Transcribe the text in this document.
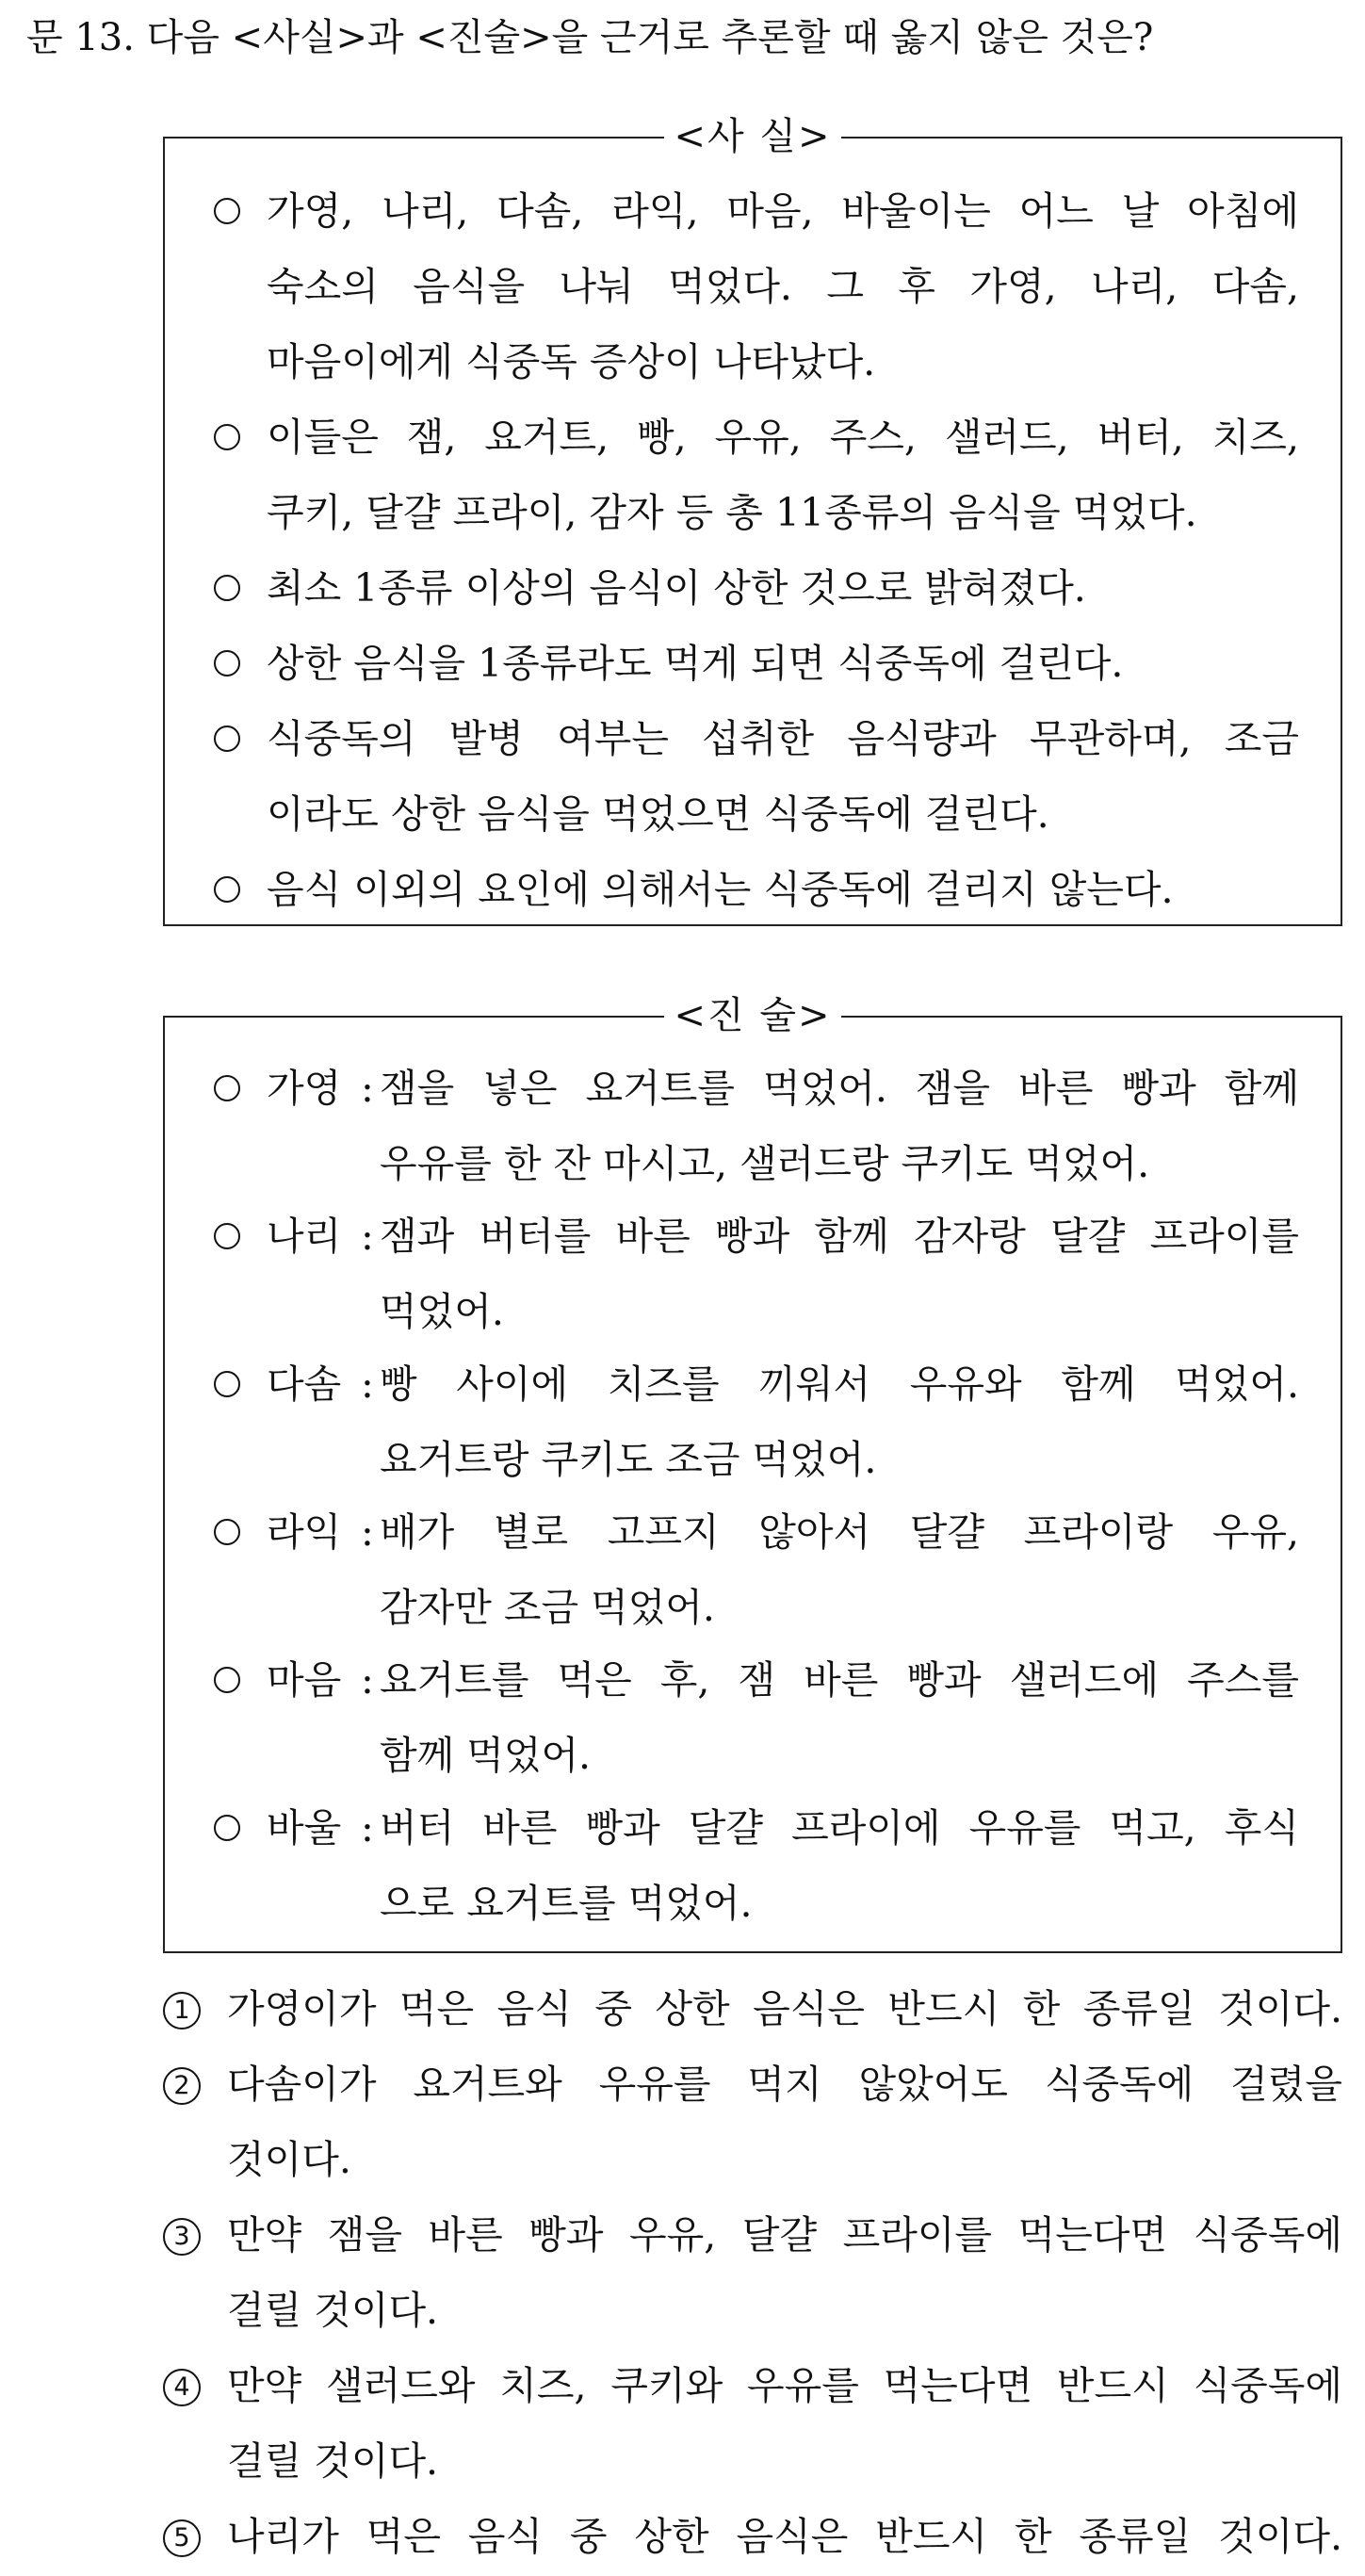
문 13. 다음 <사실>과 <진술>을 근거로 추론할 때 옳지 않은 것은?
<사 실>
가영, 나리, 다솜, 라익, 마음, 바울이는 어느 날 아침에
숙소의 음식을 나눠 먹었다. 그 후 가영, 나리, 다솜,
마음이에게 식중독 증상이 나타났다.
이들은 잼, 요거트, 빵, 우유, 주스, 샐러드, 버터, 치즈,
쿠키, 달걀 프라이, 감자 등 총 11종류의 음식을 먹었다.
최소 1종류 이상의 음식이 상한 것으로 밝혀졌다.
상한 음식을 1종류라도 먹게 되면 식중독에 걸린다.
식중독의 발병 여부는 섭취한 음식량과 무관하며, 조금
이라도 상한 음식을 먹었으면 식중독에 걸린다.
음식 이외의 요인에 의해서는 식중독에 걸리지 않는다.
<진 술>
가영 : 잼을 넣은 요거트를 먹었어. 잼을 바른 빵과 함께
우유를 한 잔 마시고, 샐러드랑 쿠키도 먹었어.
나리 : 잼과 버터를 바른 빵과 함께 감자랑 달걀 프라이를
먹었어.
다솜 : 빵 사이에 치즈를 끼워서 우유와 함께 먹었어.
요거트랑 쿠키도 조금 먹었어.
라익 : 배가 별로 고프지 않아서 달걀 프라이랑 우유,
감자만 조금 먹었어.
마음 : 요거트를 먹은 후, 잼 바른 빵과 샐러드에 주스를
함께 먹었어.
바울 : 버터 바른 빵과 달걀 프라이에 우유를 먹고, 후식
으로 요거트를 먹었어.
1 가영이가 먹은 음식 중 상한 음식은 반드시 한 종류일 것이다.
2 다솜이가 요거트와 우유를 먹지 않았어도 식중독에 걸렸을
것이다.
3 만약 잼을 바른 빵과 우유, 달걀 프라이를 먹는다면 식중독에
걸릴 것이다.
4 만약 샐러드와 치즈, 쿠키와 우유를 먹는다면 반드시 식중독에
걸릴 것이다.
5 나리가 먹은 음식 중 상한 음식은 반드시 한 종류일 것이다.
